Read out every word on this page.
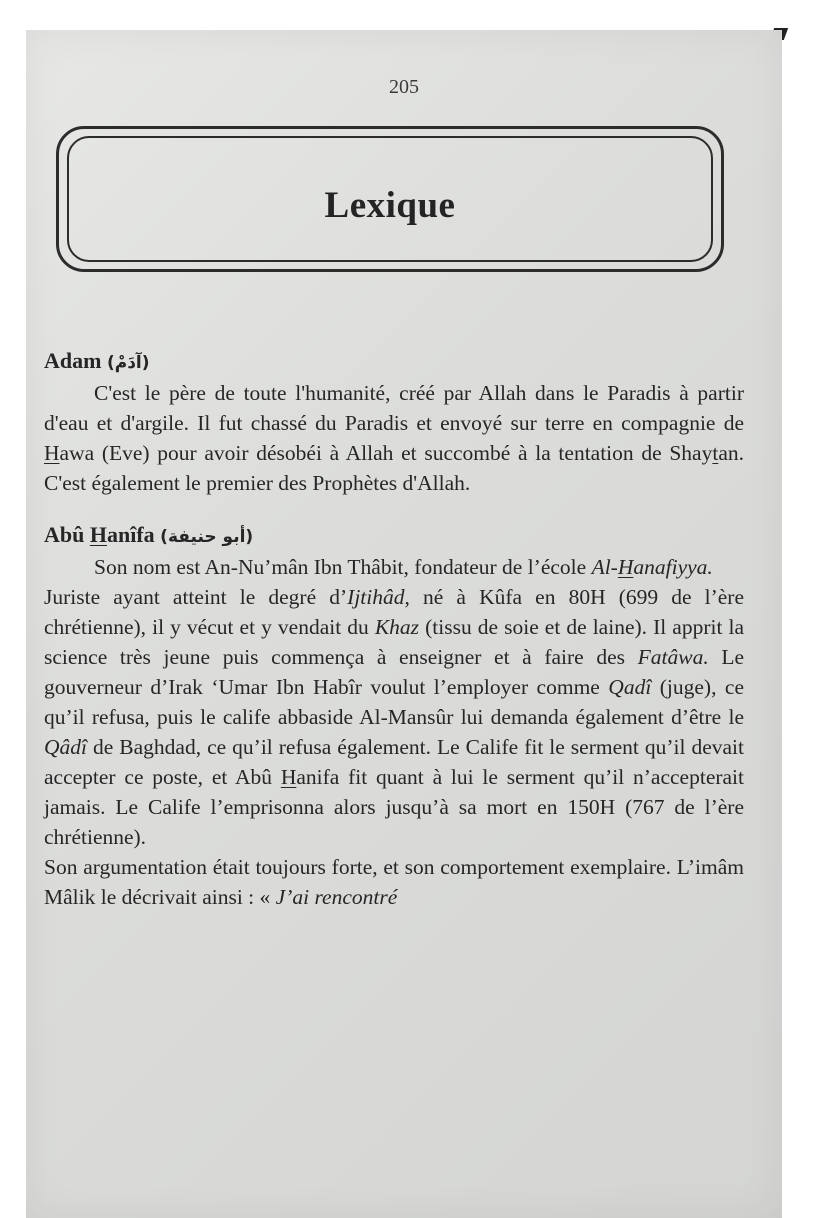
205
Lexique
Adam (آدَمْ)

C'est le père de toute l'humanité, créé par Allah dans le Paradis à partir d'eau et d'argile. Il fut chassé du Paradis et envoyé sur terre en compagnie de Hawa (Eve) pour avoir désobéi à Allah et succombé à la tentation de Shaytan. C'est également le premier des Prophètes d'Allah.

Abû Hanîfa (أبو حنيفة)

Son nom est An-Nu’mân Ibn Thâbit, fondateur de l’école Al-Hanafiyya.

Juriste ayant atteint le degré d’Ijtihâd, né à Kûfa en 80H (699 de l’ère chrétienne), il y vécut et y vendait du Khaz (tissu de soie et de laine). Il apprit la science très jeune puis commença à enseigner et à faire des Fatâwa. Le gouverneur d’Irak ‘Umar Ibn Habîr voulut l’employer comme Qadî (juge), ce qu’il refusa, puis le calife abbaside Al-Mansûr lui demanda également d’être le Qâdî de Baghdad, ce qu’il refusa également. Le Calife fit le serment qu’il devait accepter ce poste, et Abû Hanifa fit quant à lui le serment qu’il n’accepterait jamais. Le Calife l’emprisonna alors jusqu’à sa mort en 150H (767 de l’ère chrétienne).

Son argumentation était toujours forte, et son comportement exemplaire. L’imâm Mâlik le décrivait ainsi : « J’ai rencontré
